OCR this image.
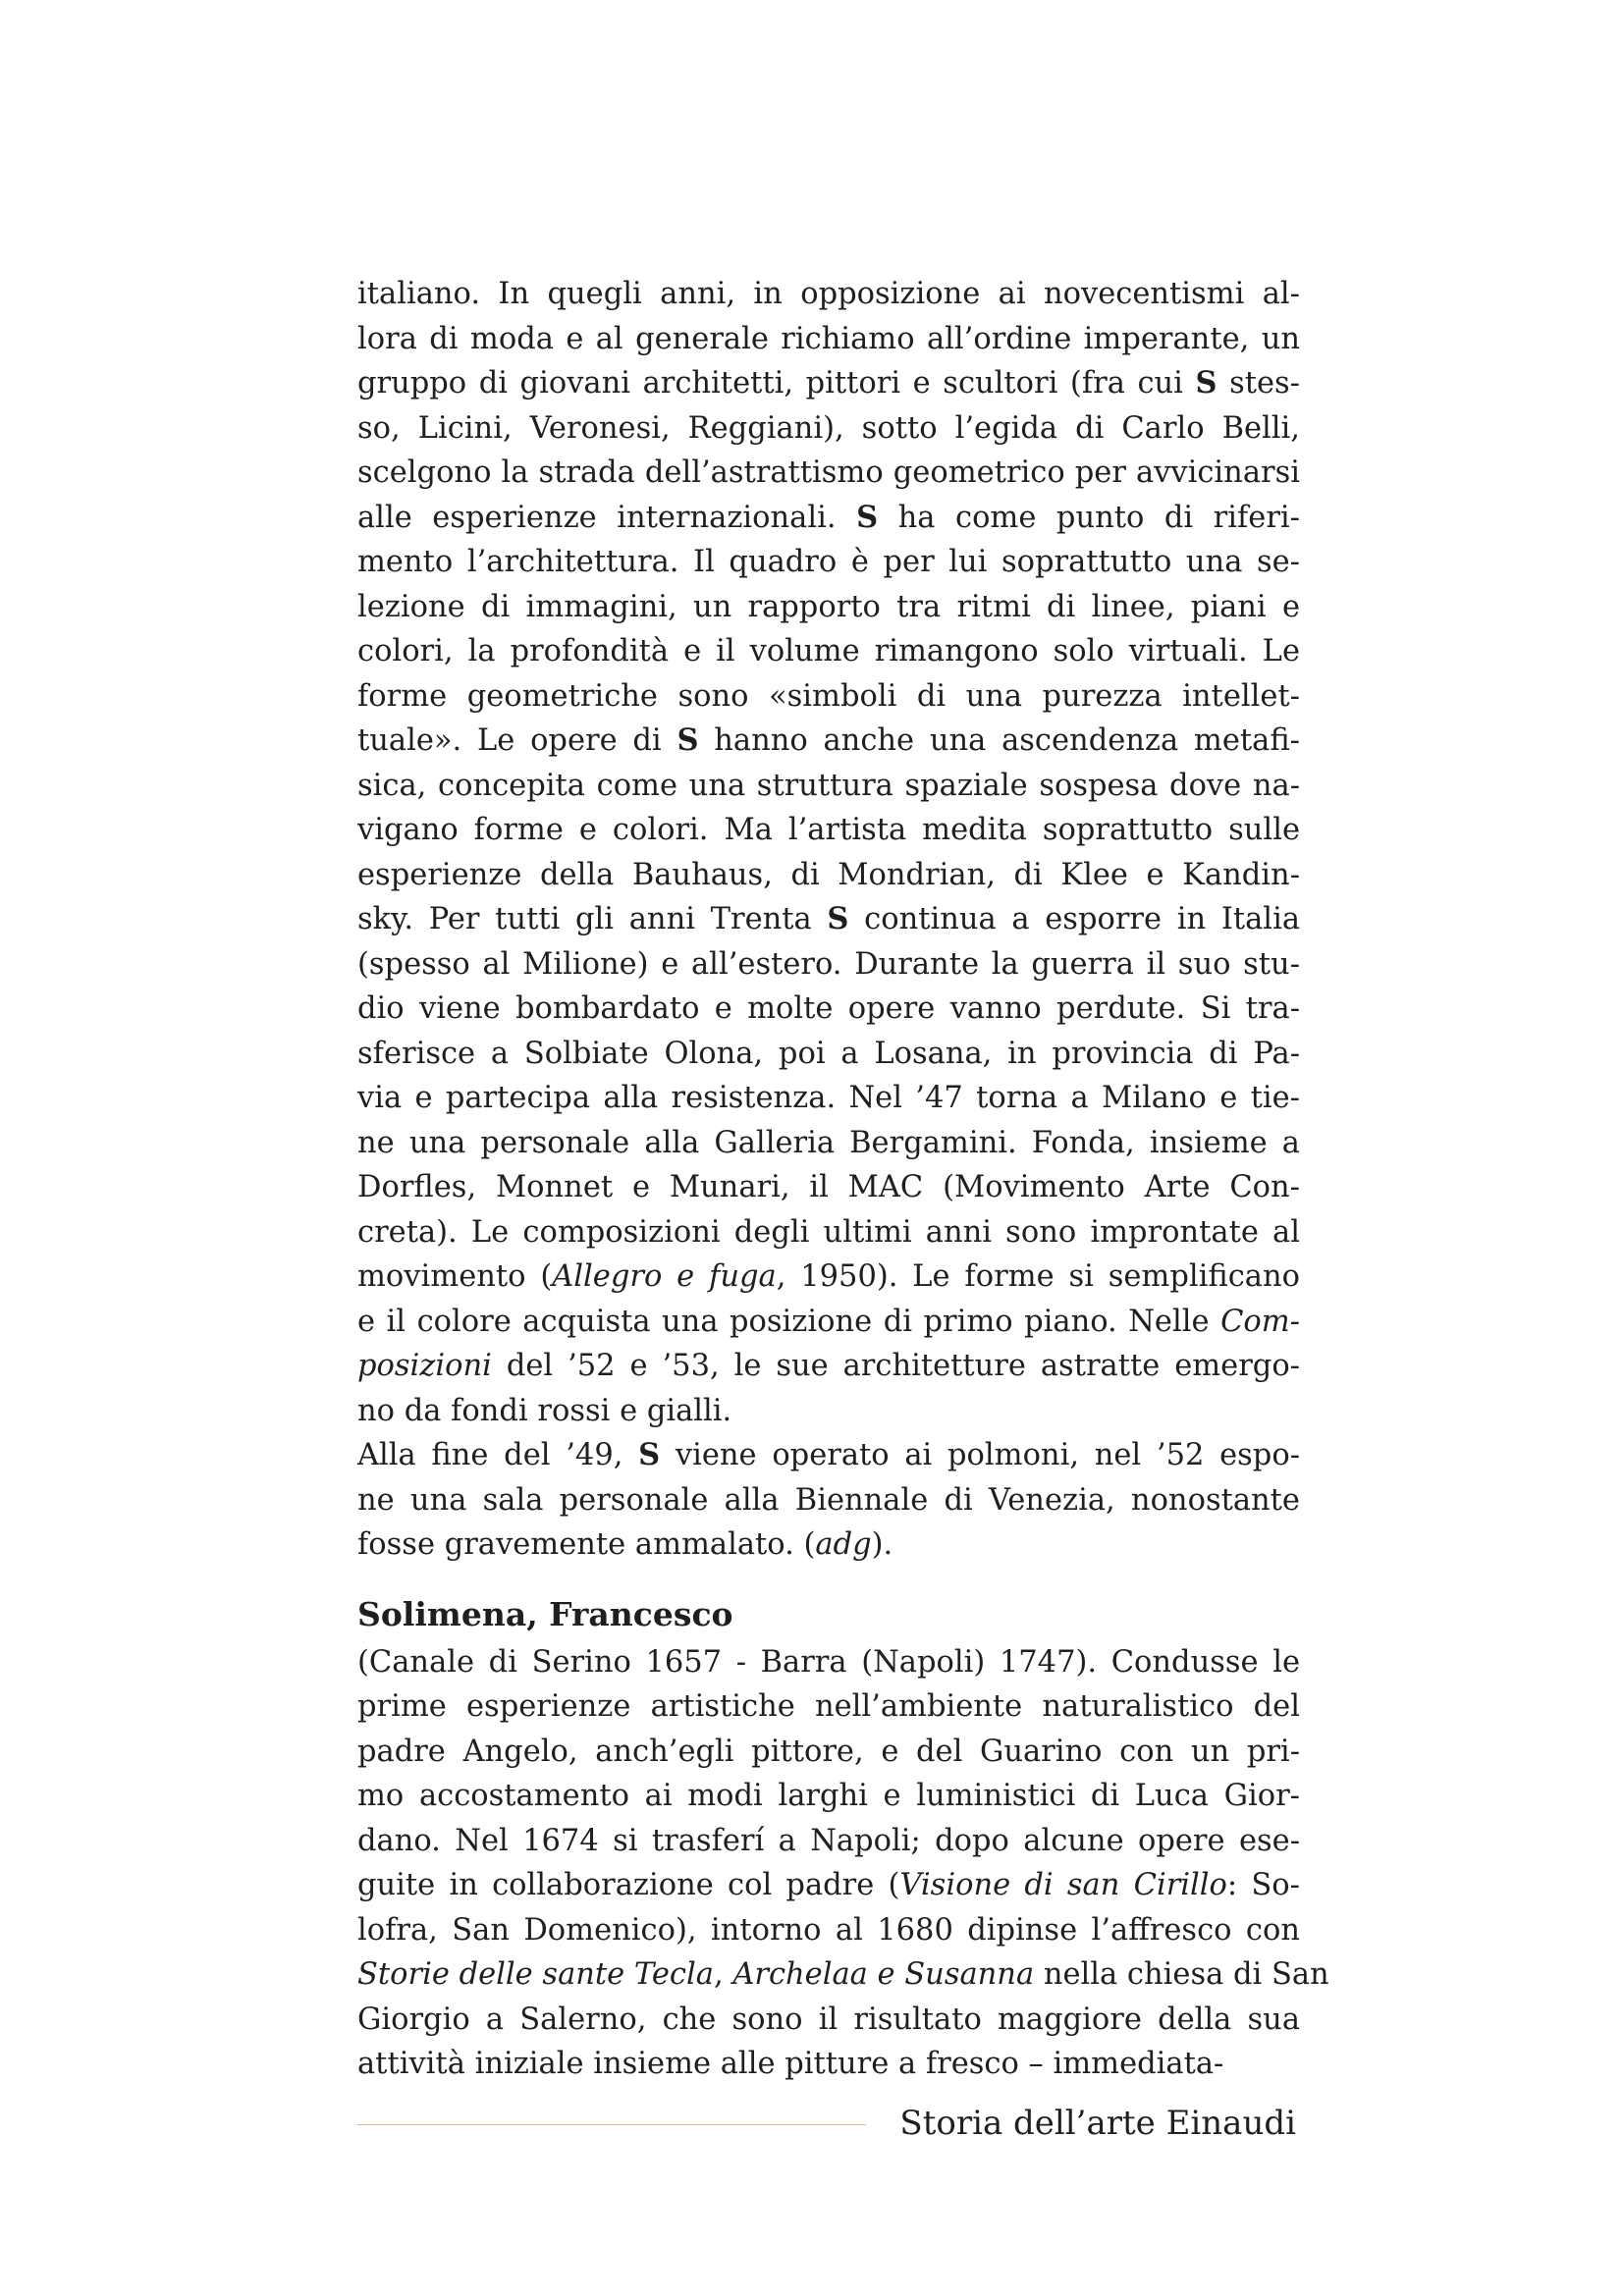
italiano. In quegli anni, in opposizione ai novecentismi al-
lora di moda e al generale richiamo all’ordine imperante, un
gruppo di giovani architetti, pittori e scultori (fra cui S stes-
so, Licini, Veronesi, Reggiani), sotto l’egida di Carlo Belli,
scelgono la strada dell’astrattismo geometrico per avvicinarsi
alle esperienze internazionali. S ha come punto di riferi-
mento l’architettura. Il quadro è per lui soprattutto una se-
lezione di immagini, un rapporto tra ritmi di linee, piani e
colori, la profondità e il volume rimangono solo virtuali. Le
forme geometriche sono «simboli di una purezza intellet-
tuale». Le opere di S hanno anche una ascendenza metafi-
sica, concepita come una struttura spaziale sospesa dove na-
vigano forme e colori. Ma l’artista medita soprattutto sulle
esperienze della Bauhaus, di Mondrian, di Klee e Kandin-
sky. Per tutti gli anni Trenta S continua a esporre in Italia
(spesso al Milione) e all’estero. Durante la guerra il suo stu-
dio viene bombardato e molte opere vanno perdute. Si tra-
sferisce a Solbiate Olona, poi a Losana, in provincia di Pa-
via e partecipa alla resistenza. Nel ’47 torna a Milano e tie-
ne una personale alla Galleria Bergamini. Fonda, insieme a
Dorfles, Monnet e Munari, il MAC (Movimento Arte Con-
creta). Le composizioni degli ultimi anni sono improntate al
movimento (Allegro e fuga, 1950). Le forme si semplificano
e il colore acquista una posizione di primo piano. Nelle Com-
posizioni del ’52 e ’53, le sue architetture astratte emergo-
no da fondi rossi e gialli.
Alla fine del ’49, S viene operato ai polmoni, nel ’52 espo-
ne una sala personale alla Biennale di Venezia, nonostante
fosse gravemente ammalato. (adg).
Solimena, Francesco
(Canale di Serino 1657 - Barra (Napoli) 1747). Condusse le
prime esperienze artistiche nell’ambiente naturalistico del
padre Angelo, anch’egli pittore, e del Guarino con un pri-
mo accostamento ai modi larghi e luministici di Luca Gior-
dano. Nel 1674 si trasferí a Napoli; dopo alcune opere ese-
guite in collaborazione col padre (Visione di san Cirillo: So-
lofra, San Domenico), intorno al 1680 dipinse l’affresco con
Storie delle sante Tecla, Archelaa e Susanna nella chiesa di San
Giorgio a Salerno, che sono il risultato maggiore della sua
attività iniziale insieme alle pitture a fresco – immediata-
Storia dell’arte Einaudi
